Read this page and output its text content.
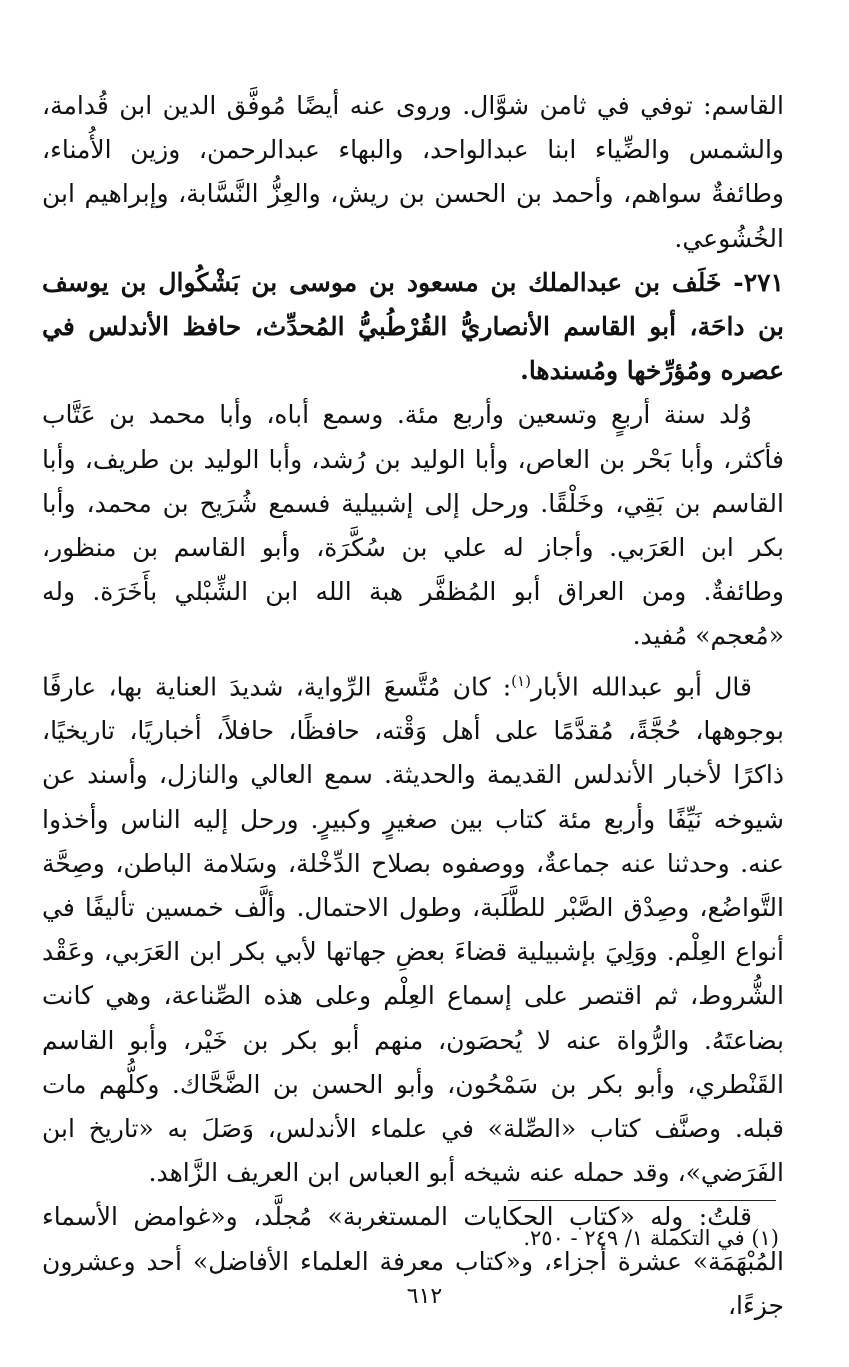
القاسم: توفي في ثامن شوَّال. وروى عنه أيضًا مُوفَّق الدين ابن قُدامة، والشمس والضِّياء ابنا عبدالواحد، والبهاء عبدالرحمن، وزين الأُمناء، وطائفةٌ سواهم، وأحمد بن الحسن بن ريش، والعِزُّ النَّسَّابة، وإبراهيم ابن الخُشُوعي.

٢٧١- خَلَف بن عبدالملك بن مسعود بن موسى بن بَشْكُوال بن يوسف بن داحَة، أبو القاسم الأنصاريُّ القُرْطُبيُّ المُحدِّث، حافظ الأندلس في عصره ومُؤرِّخها ومُسندها.

وُلد سنة أربعٍ وتسعين وأربع مئة. وسمع أباه، وأبا محمد بن عَتَّاب فأكثر، وأبا بَحْر بن العاص، وأبا الوليد بن رُشد، وأبا الوليد بن طريف، وأبا القاسم بن بَقِي، وخَلْقًا. ورحل إلى إشبيلية فسمع شُرَيح بن محمد، وأبا بكر ابن العَرَبي. وأجاز له علي بن سُكَّرَة، وأبو القاسم بن منظور، وطائفةٌ. ومن العراق أبو المُظفَّر هبة الله ابن الشِّبْلي بأَخَرَة. وله «مُعجم» مُفيد.

قال أبو عبدالله الأبار$^{(١)}$: كان مُتَّسعَ الرِّواية، شديدَ العناية بها، عارفًا بوجوهها، حُجَّةً، مُقدَّمًا على أهل وَقْته، حافظًا، حافلاً، أخباريًا، تاريخيًا، ذاكرًا لأخبار الأندلس القديمة والحديثة. سمع العالي والنازل، وأسند عن شيوخه نَيِّفًا وأربع مئة كتاب بين صغيرٍ وكبيرٍ. ورحل إليه الناس وأخذوا عنه. وحدثنا عنه جماعةٌ، ووصفوه بصلاح الدِّخْلة، وسَلامة الباطن، وصِحَّة التَّواضُع، وصِدْق الصَّبْر للطَّلَبة، وطول الاحتمال. وألَّف خمسين تأليفًا في أنواع العِلْم. ووَلِيَ بإشبيلية قضاءَ بعضِ جهاتها لأبي بكر ابن العَرَبي، وعَقْد الشُّروط، ثم اقتصر على إسماع العِلْم وعلى هذه الصِّناعة، وهي كانت بضاعتَهُ. والرُّواة عنه لا يُحصَون، منهم أبو بكر بن خَيْر، وأبو القاسم القَنْطري، وأبو بكر بن سَمْحُون، وأبو الحسن بن الضَّحَّاك. وكلُّهم مات قبله. وصنَّف كتاب «الصِّلة» في علماء الأندلس، وَصَلَ به «تاريخ ابن الفَرَضي»، وقد حمله عنه شيخه أبو العباس ابن العريف الزَّاهد.

قلتُ: وله «كتاب الحكايات المستغربة» مُجلَّد، و«غوامض الأسماء المُبْهَمَة» عشرة أجزاء، و«كتاب معرفة العلماء الأفاضل» أحد وعشرون جزءًا،

(١) في التكملة ١/ ٢٤٩ - ٢٥٠.
٦١٢
